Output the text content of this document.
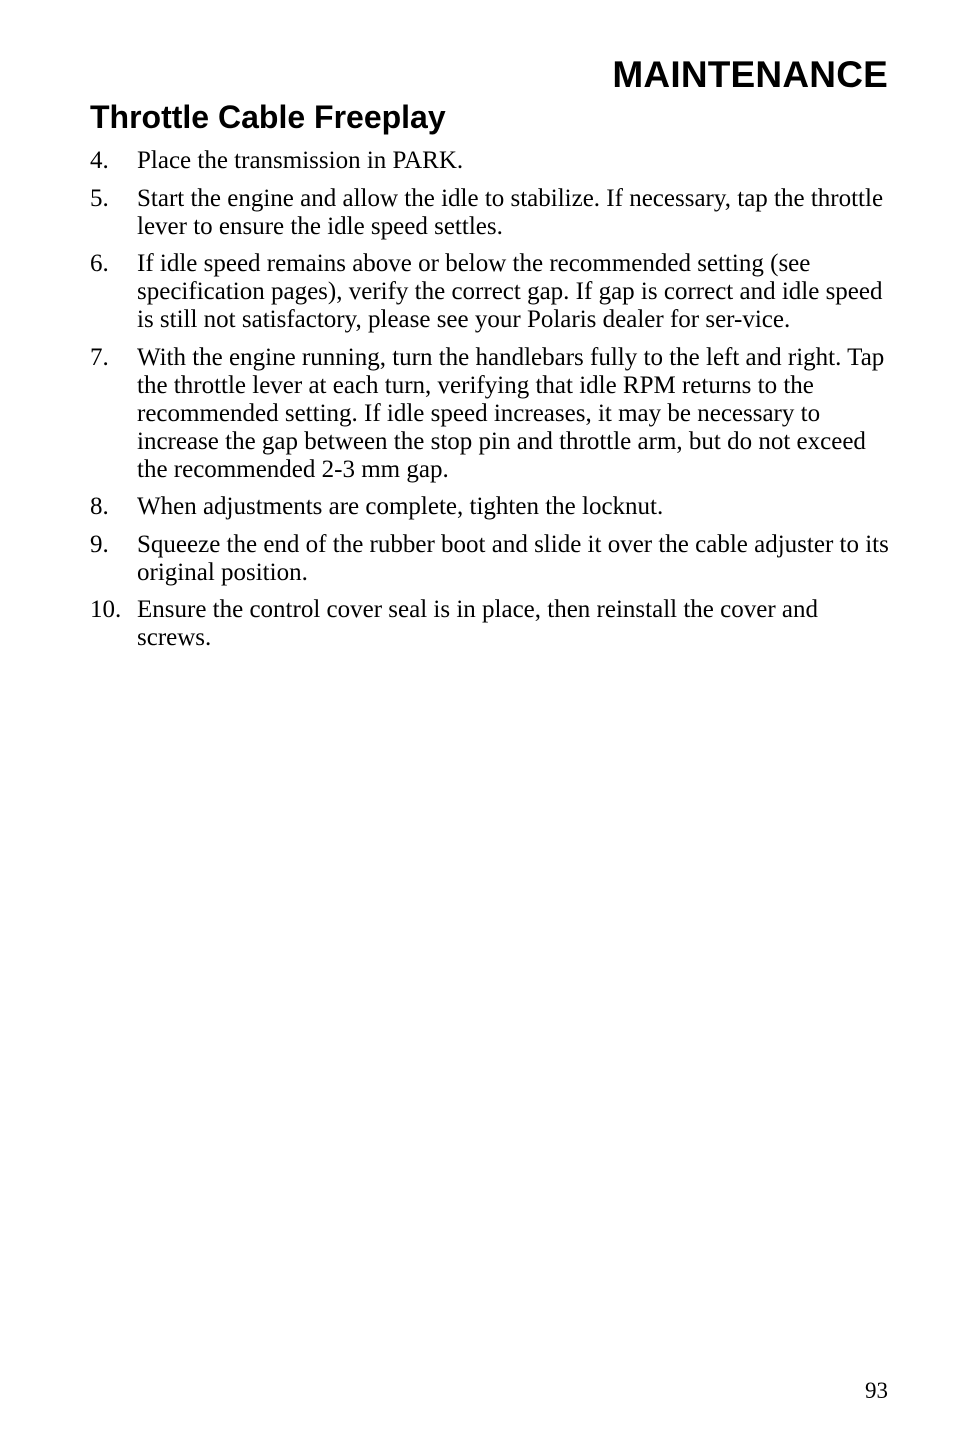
MAINTENANCE
Throttle Cable Freeplay
4. Place the transmission in PARK.
5. Start the engine and allow the idle to stabilize. If necessary, tap the throttle lever to ensure the idle speed settles.
6. If idle speed remains above or below the recommended setting (see specification pages), verify the correct gap. If gap is correct and idle speed is still not satisfactory, please see your Polaris dealer for ser-vice.
7. With the engine running, turn the handlebars fully to the left and right. Tap the throttle lever at each turn, verifying that idle RPM returns to the recommended setting. If idle speed increases, it may be necessary to increase the gap between the stop pin and throttle arm, but do not exceed the recommended 2-3 mm gap.
8. When adjustments are complete, tighten the locknut.
9. Squeeze the end of the rubber boot and slide it over the cable adjuster to its original position.
10. Ensure the control cover seal is in place, then reinstall the cover and screws.

93
